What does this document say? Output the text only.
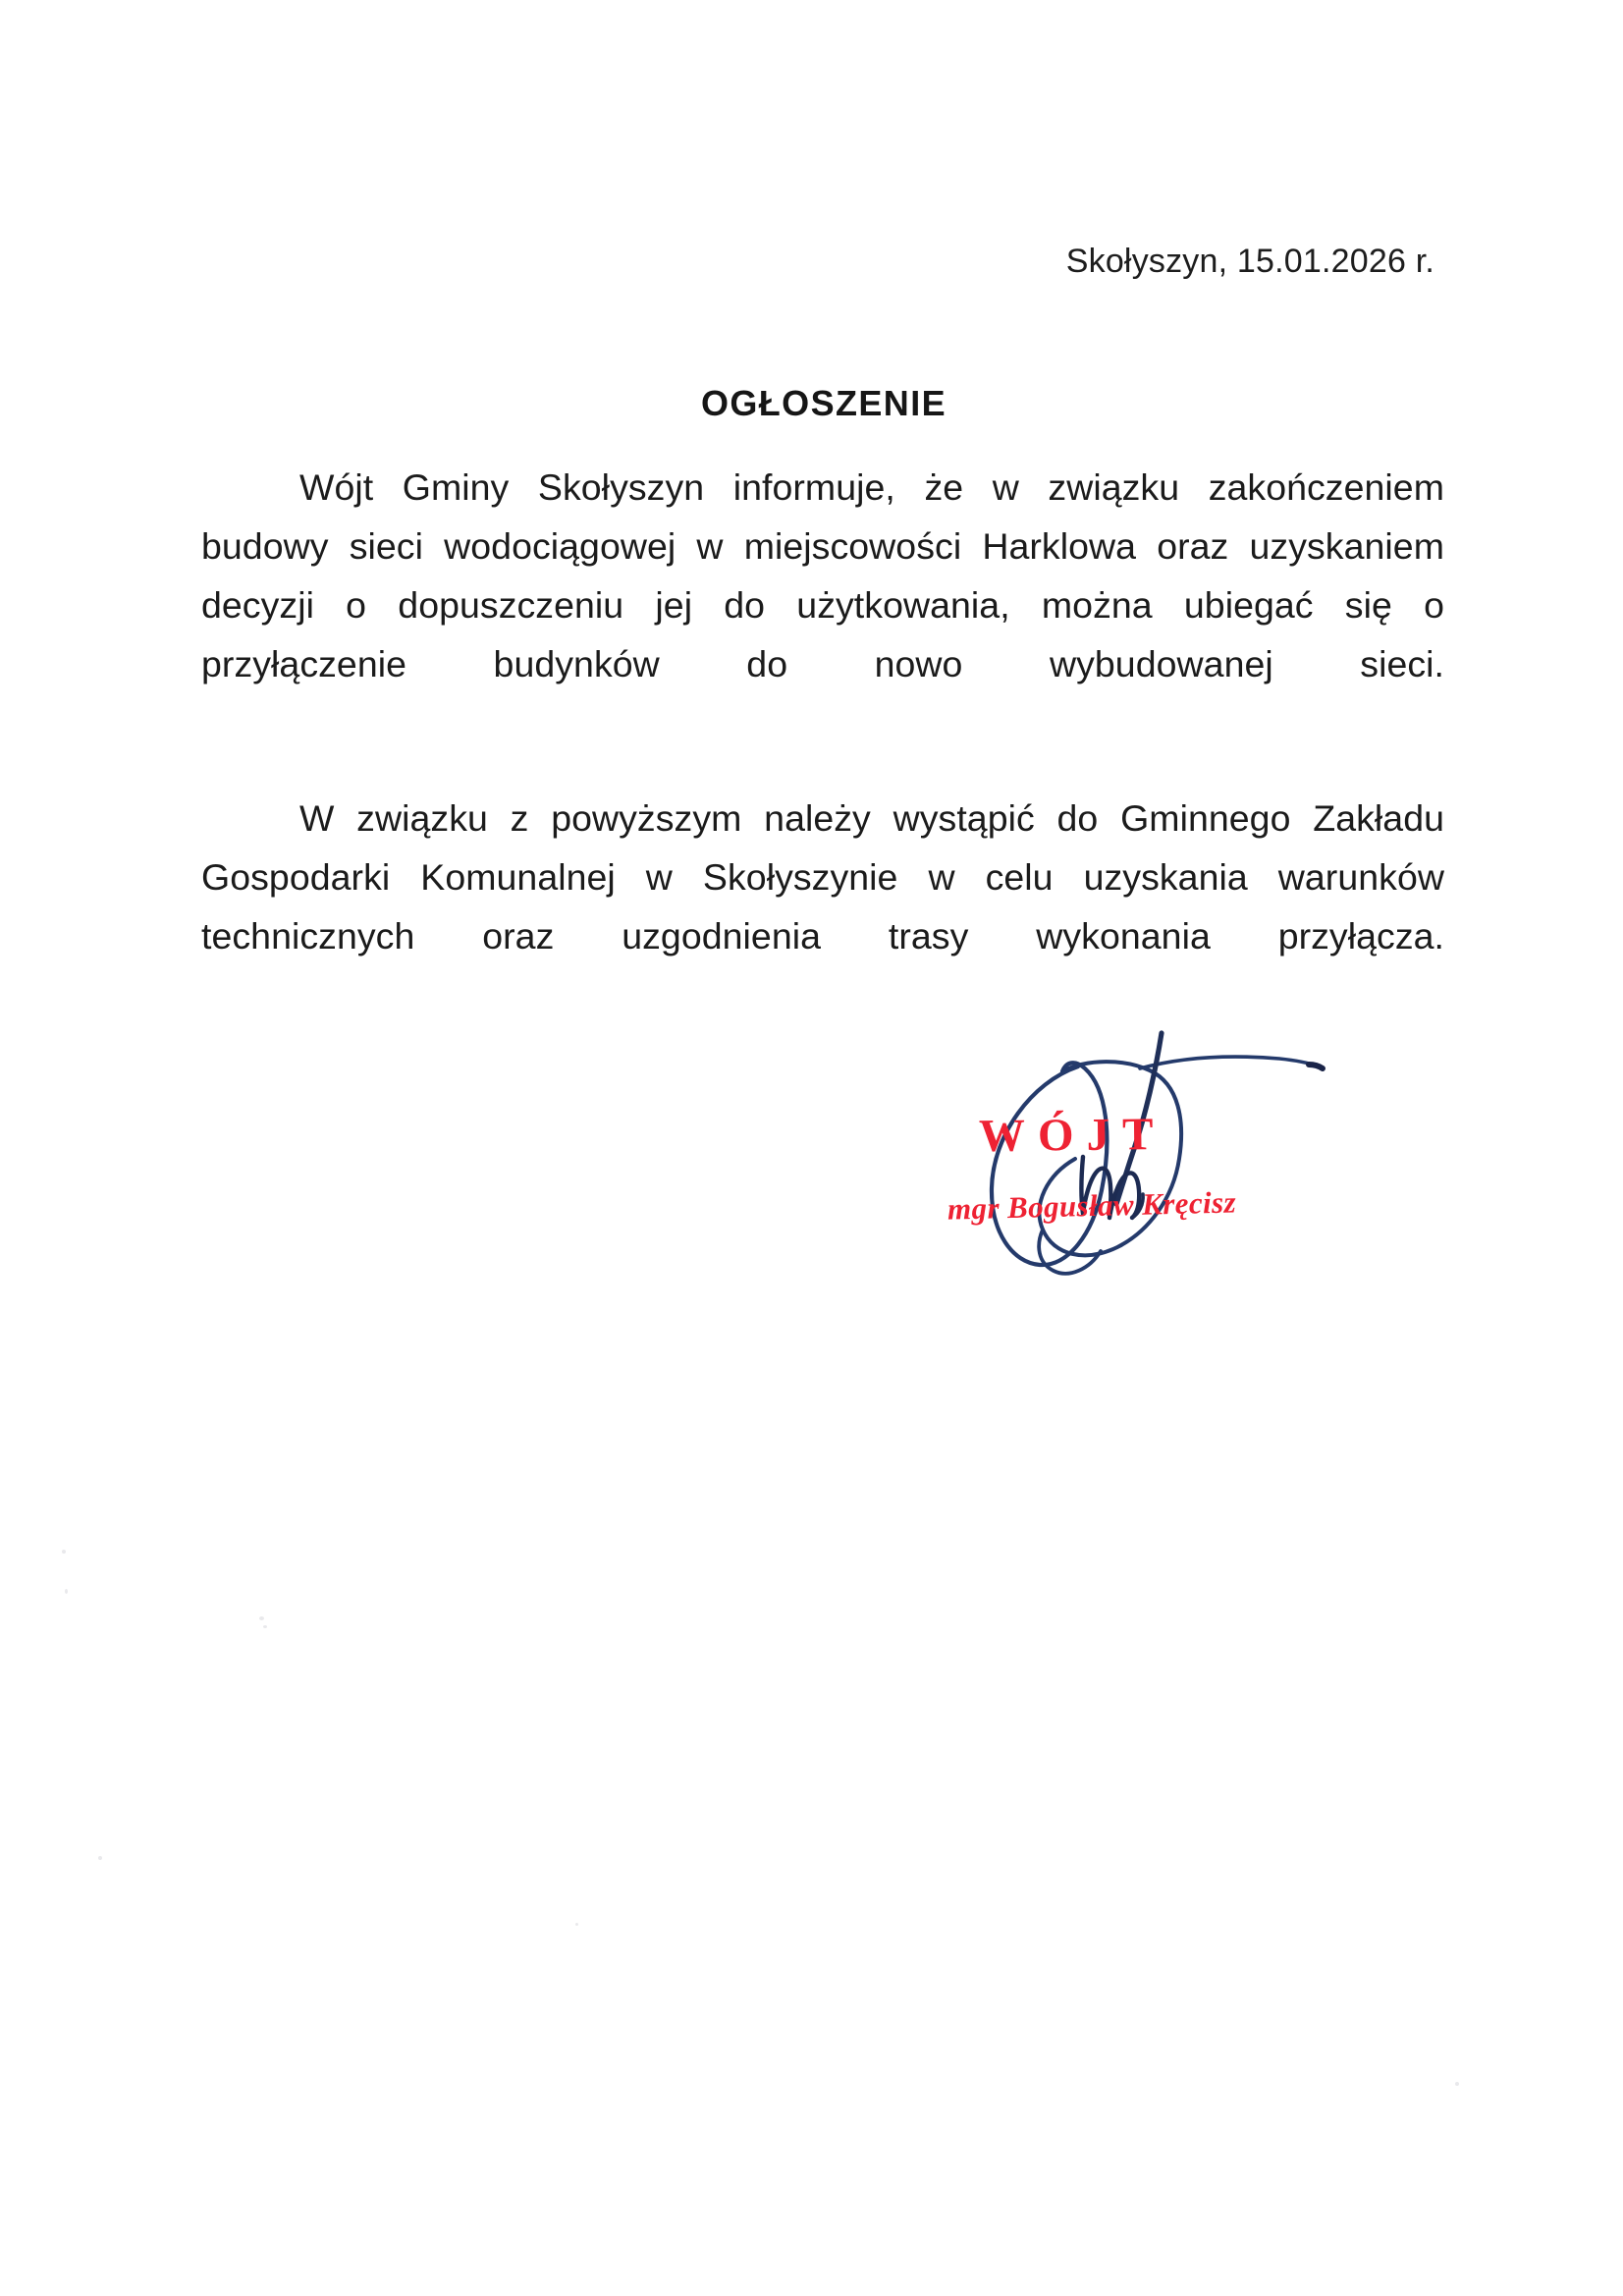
Skołyszyn, 15.01.2026 r.
OGŁOSZENIE

Wójt Gminy Skołyszyn informuje, że w związku zakończeniem budowy sieci wodociągowej w miejscowości Harklowa oraz uzyskaniem decyzji o dopuszczeniu jej do użytkowania, można ubiegać się o przyłączenie budynków do nowo wybudowanej sieci.

W związku z powyższym należy wystąpić do Gminnego Zakładu Gospodarki Komunalnej w Skołyszynie w celu uzyskania warunków technicznych oraz uzgodnienia trasy wykonania przyłącza.

WÓJT
mgr Bogusław Kręcisz
